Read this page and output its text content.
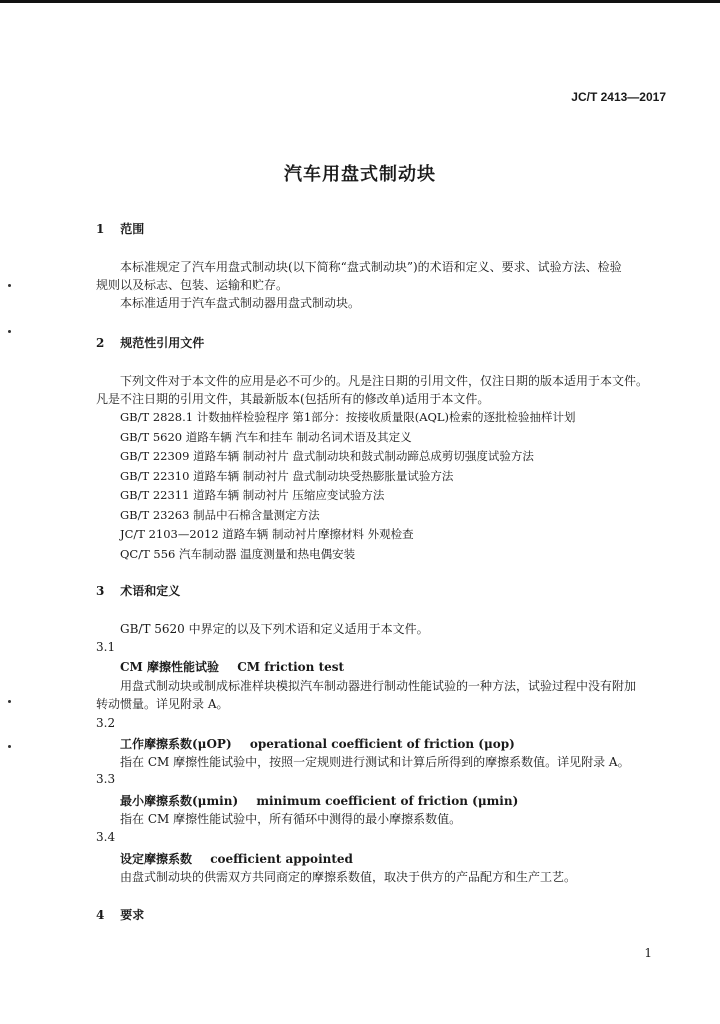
JC/T 2413—2017
汽车用盘式制动块
1 范围
本标准规定了汽车用盘式制动块(以下简称“盘式制动块”)的术语和定义、要求、试验方法、检验
规则以及标志、包装、运输和贮存。
本标准适用于汽车盘式制动器用盘式制动块。
2 规范性引用文件
下列文件对于本文件的应用是必不可少的。凡是注日期的引用文件，仅注日期的版本适用于本文件。
凡是不注日期的引用文件，其最新版本(包括所有的修改单)适用于本文件。
GB/T 2828.1 计数抽样检验程序 第1部分：按接收质量限(AQL)检索的逐批检验抽样计划
GB/T 5620 道路车辆 汽车和挂车 制动名词术语及其定义
GB/T 22309 道路车辆 制动衬片 盘式制动块和鼓式制动蹄总成剪切强度试验方法
GB/T 22310 道路车辆 制动衬片 盘式制动块受热膨胀量试验方法
GB/T 22311 道路车辆 制动衬片 压缩应变试验方法
GB/T 23263 制品中石棉含量测定方法
JC/T 2103—2012 道路车辆 制动衬片摩擦材料 外观检查
QC/T 556 汽车制动器 温度测量和热电偶安装
3 术语和定义
GB/T 5620 中界定的以及下列术语和定义适用于本文件。
3.1
CM 摩擦性能试验 CM friction test
用盘式制动块或制成标准样块模拟汽车制动器进行制动性能试验的一种方法，试验过程中没有附加
转动惯量。详见附录 A。
3.2
工作摩擦系数(μOP) operational coefficient of friction (μop)
指在 CM 摩擦性能试验中，按照一定规则进行测试和计算后所得到的摩擦系数值。详见附录 A。
3.3
最小摩擦系数(μmin) minimum coefficient of friction (μmin)
指在 CM 摩擦性能试验中，所有循环中测得的最小摩擦系数值。
3.4
设定摩擦系数 coefficient appointed
由盘式制动块的供需双方共同商定的摩擦系数值，取决于供方的产品配方和生产工艺。
4 要求
1
